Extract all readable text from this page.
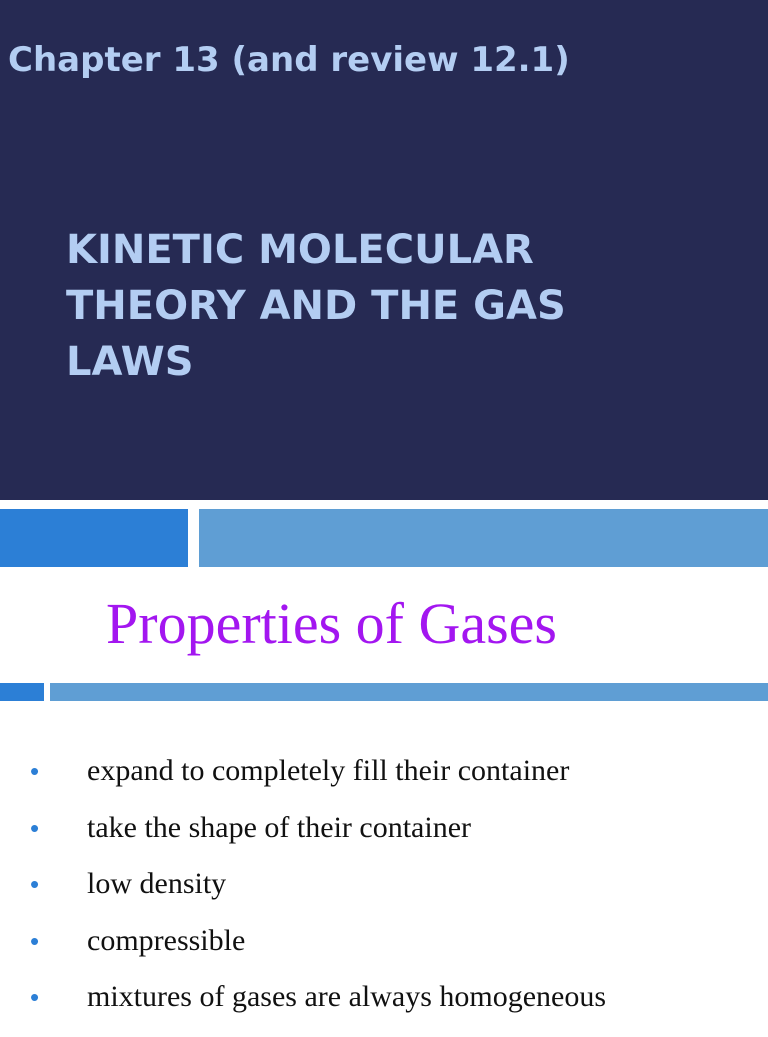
Chapter 13 (and review 12.1)
KINETIC MOLECULAR THEORY AND THE GAS LAWS
Properties of Gases
• expand to completely fill their container
• take the shape of their container
• low density
• compressible
• mixtures of gases are always homogeneous
